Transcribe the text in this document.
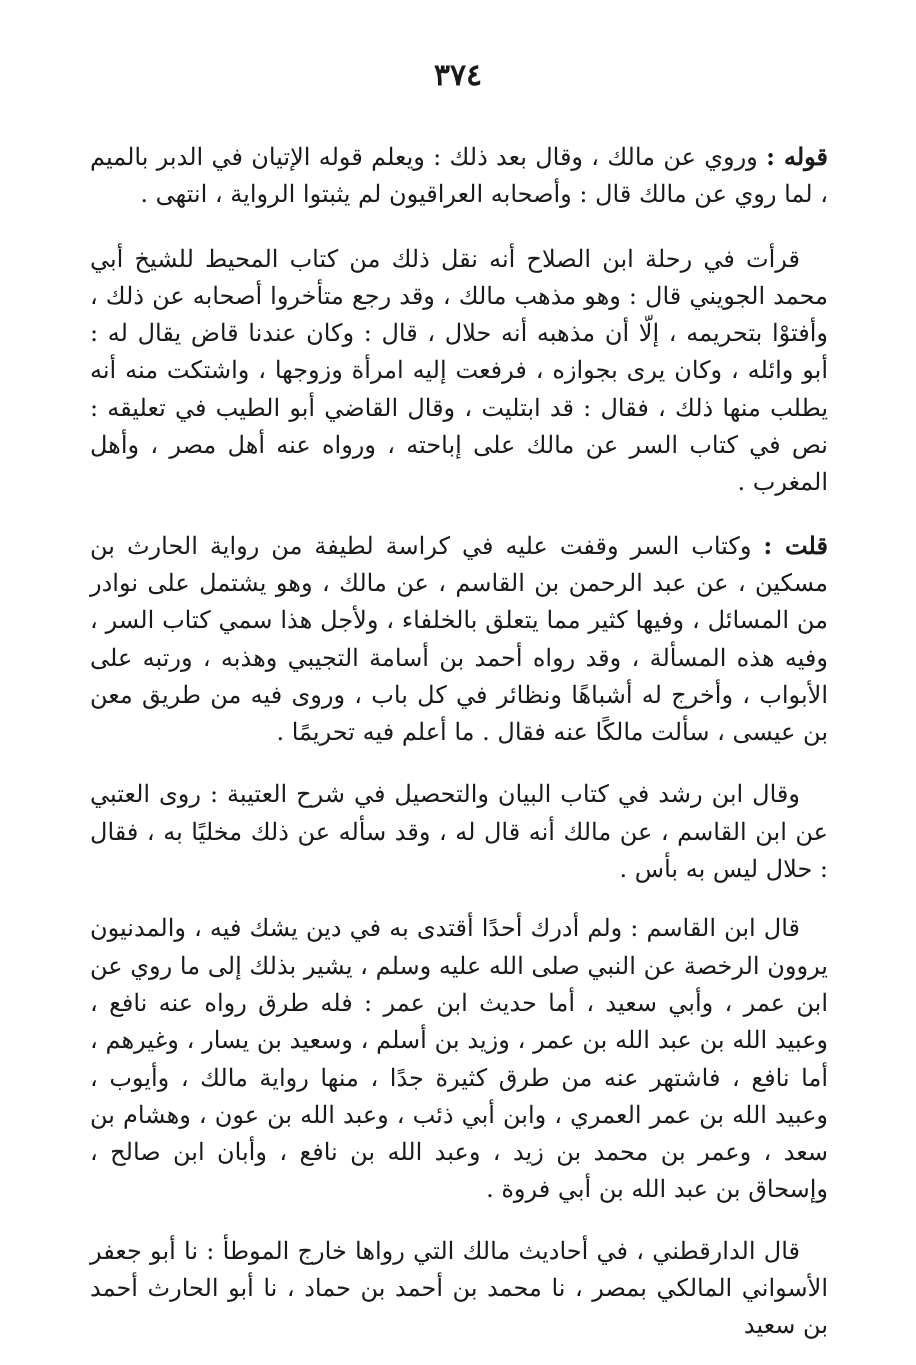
٣٧٤

قوله : وروي عن مالك ، وقال بعد ذلك : ويعلم قوله الإتيان في الدبر بالميم ، لما روي عن مالك قال : وأصحابه العراقيون لم يثبتوا الرواية ، انتهى .

قرأت في رحلة ابن الصلاح أنه نقل ذلك من كتاب المحيط للشيخ أبي محمد الجويني قال : وهو مذهب مالك ، وقد رجع متأخروا أصحابه عن ذلك ، وأفتوْا بتحريمه ، إلّا أن مذهبه أنه حلال ، قال : وكان عندنا قاض يقال له : أبو وائله ، وكان يرى بجوازه ، فرفعت إليه امرأة وزوجها ، واشتكت منه أنه يطلب منها ذلك ، فقال : قد ابتليت ، وقال القاضي أبو الطيب في تعليقه : نص في كتاب السر عن مالك على إباحته ، ورواه عنه أهل مصر ، وأهل المغرب .

قلت : وكتاب السر وقفت عليه في كراسة لطيفة من رواية الحارث بن مسكين ، عن عبد الرحمن بن القاسم ، عن مالك ، وهو يشتمل على نوادر من المسائل ، وفيها كثير مما يتعلق بالخلفاء ، ولأجل هذا سمي كتاب السر ، وفيه هذه المسألة ، وقد رواه أحمد بن أسامة التجيبي وهذبه ، ورتبه على الأبواب ، وأخرج له أشباهًا ونظائر في كل باب ، وروى فيه من طريق معن بن عيسى ، سألت مالكًا عنه فقال . ما أعلم فيه تحريمًا .

وقال ابن رشد في كتاب البيان والتحصيل في شرح العتيبة : روى العتبي عن ابن القاسم ، عن مالك أنه قال له ، وقد سأله عن ذلك مخليًا به ، فقال : حلال ليس به بأس .

قال ابن القاسم : ولم أدرك أحدًا أقتدى به في دين يشك فيه ، والمدنيون يروون الرخصة عن النبي صلى الله عليه وسلم ، يشير بذلك إلى ما روي عن ابن عمر ، وأبي سعيد ، أما حديث ابن عمر : فله طرق رواه عنه نافع ، وعبيد الله بن عبد الله بن عمر ، وزيد بن أسلم ، وسعيد بن يسار ، وغيرهم ، أما نافع ، فاشتهر عنه من طرق كثيرة جدًا ، منها رواية مالك ، وأيوب ، وعبيد الله بن عمر العمري ، وابن أبي ذئب ، وعبد الله بن عون ، وهشام بن سعد ، وعمر بن محمد بن زيد ، وعبد الله بن نافع ، وأبان ابن صالح ، وإسحاق بن عبد الله بن أبي فروة .

قال الدارقطني ، في أحاديث مالك التي رواها خارج الموطأ : نا أبو جعفر الأسواني المالكي بمصر ، نا محمد بن أحمد بن حماد ، نا أبو الحارث أحمد بن سعيد
